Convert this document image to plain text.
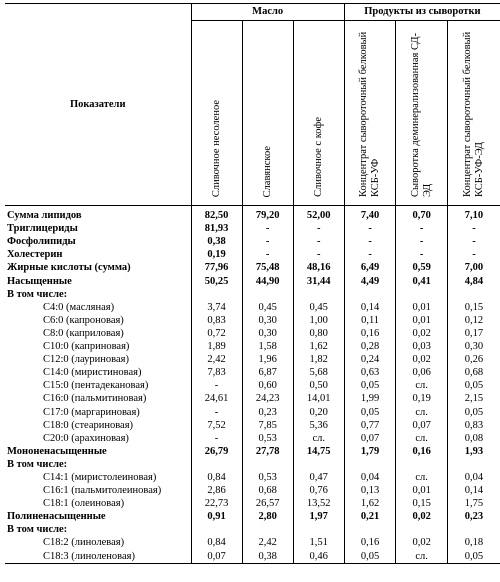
Показатели	Масло			Продукты из сыворотки		
	Сливочное несоленое	Славянское	Сливочное с кофе	Концентрат сывороточный белковый КСБ-УФ	Сыворотка деминерализованная СД-ЭД	Концентрат сывороточный белковый КСБ-УФ-ЭД
Сумма липидов	82,50	79,20	52,00	7,40	0,70	7,10
Триглицериды	81,93	-	-	-	-	-
Фосфолипиды	0,38	-	-	-	-	-
Холестерин	0,19	-	-	-	-	-
Жирные кислоты (сумма)	77,96	75,48	48,16	6,49	0,59	7,00
Насыщенные	50,25	44,90	31,44	4,49	0,41	4,84
В том числе:						
С4:0 (масляная)	3,74	0,45	0,45	0,14	0,01	0,15
С6:0 (капроновая)	0,83	0,30	1,00	0,11	0,01	0,12
С8:0 (каприловая)	0,72	0,30	0,80	0,16	0,02	0,17
С10:0 (каприновая)	1,89	1,58	1,62	0,28	0,03	0,30
С12:0 (лауриновая)	2,42	1,96	1,82	0,24	0,02	0,26
С14:0 (миристиновая)	7,83	6,87	5,68	0,63	0,06	0,68
С15:0 (пентадекановая)	-	0,60	0,50	0,05	сл.	0,05
С16:0 (пальмитиновая)	24,61	24,23	14,01	1,99	0,19	2,15
С17:0 (маргариновая)	-	0,23	0,20	0,05	сл.	0,05
С18:0 (стеариновая)	7,52	7,85	5,36	0,77	0,07	0,83
С20:0 (арахиновая)	-	0,53	сл.	0,07	сл.	0,08
Мононенасыщенные	26,79	27,78	14,75	1,79	0,16	1,93
В том числе:						
С14:1 (миристолеиновая)	0,84	0,53	0,47	0,04	сл.	0,04
С16:1 (пальмитолеиновая)	2,86	0,68	0,76	0,13	0,01	0,14
С18:1 (олеиновая)	22,73	26,57	13,52	1,62	0,15	1,75
Полиненасыщенные	0,91	2,80	1,97	0,21	0,02	0,23
В том числе:						
С18:2 (линолевая)	0,84	2,42	1,51	0,16	0,02	0,18
С18:3 (линоленовая)	0,07	0,38	0,46	0,05	сл.	0,05
